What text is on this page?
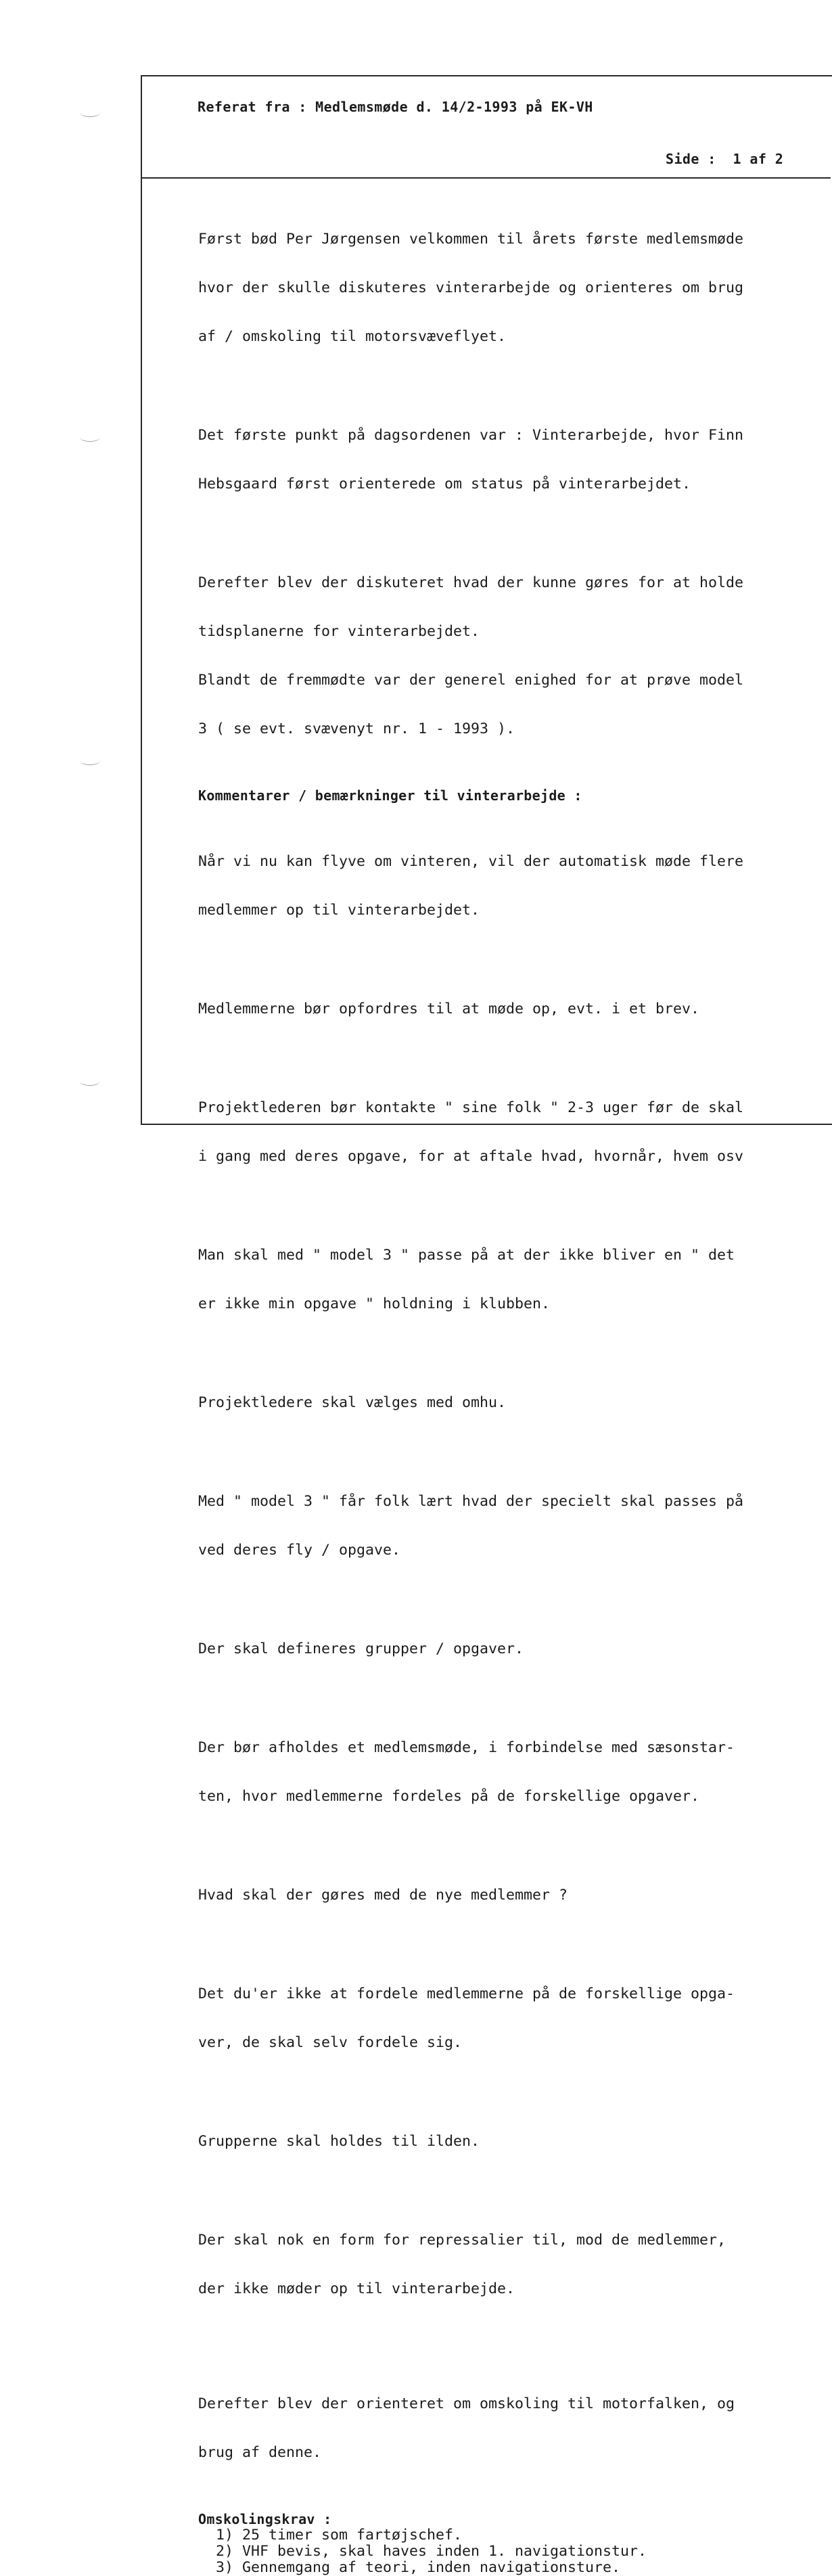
Referat fra : Medlemsmøde d. 14/2-1993 på EK-VH
Side :  1 af 2

Først bød Per Jørgensen velkommen til årets første medlemsmøde

hvor der skulle diskuteres vinterarbejde og orienteres om brug

af / omskoling til motorsvæveflyet.

Det første punkt på dagsordenen var : Vinterarbejde, hvor Finn

Hebsgaard først orienterede om status på vinterarbejdet.

Derefter blev der diskuteret hvad der kunne gøres for at holde

tidsplanerne for vinterarbejdet.

Blandt de fremmødte var der generel enighed for at prøve model

3 ( se evt. svævenyt nr. 1 - 1993 ).

Kommentarer / bemærkninger til vinterarbejde :

Når vi nu kan flyve om vinteren, vil der automatisk møde flere

medlemmer op til vinterarbejdet.

Medlemmerne bør opfordres til at møde op, evt. i et brev.

Projektlederen bør kontakte " sine folk " 2-3 uger før de skal

i gang med deres opgave, for at aftale hvad, hvornår, hvem osv

Man skal med " model 3 " passe på at der ikke bliver en " det

er ikke min opgave " holdning i klubben.

Projektledere skal vælges med omhu.

Med " model 3 " får folk lært hvad der specielt skal passes på

ved deres fly / opgave.

Der skal defineres grupper / opgaver.

Der bør afholdes et medlemsmøde, i forbindelse med sæsonstar-

ten, hvor medlemmerne fordeles på de forskellige opgaver.

Hvad skal der gøres med de nye medlemmer ?

Det du'er ikke at fordele medlemmerne på de forskellige opga-

ver, de skal selv fordele sig.

Grupperne skal holdes til ilden.

Der skal nok en form for repressalier til, mod de medlemmer,

der ikke møder op til vinterarbejde.

Derefter blev der orienteret om omskoling til motorfalken, og

brug af denne.

Omskolingskrav :
1) 25 timer som fartøjschef.
2) VHF bevis, skal haves inden 1. navigationstur.
3) Gennemgang af teori, inden navigationsture.
